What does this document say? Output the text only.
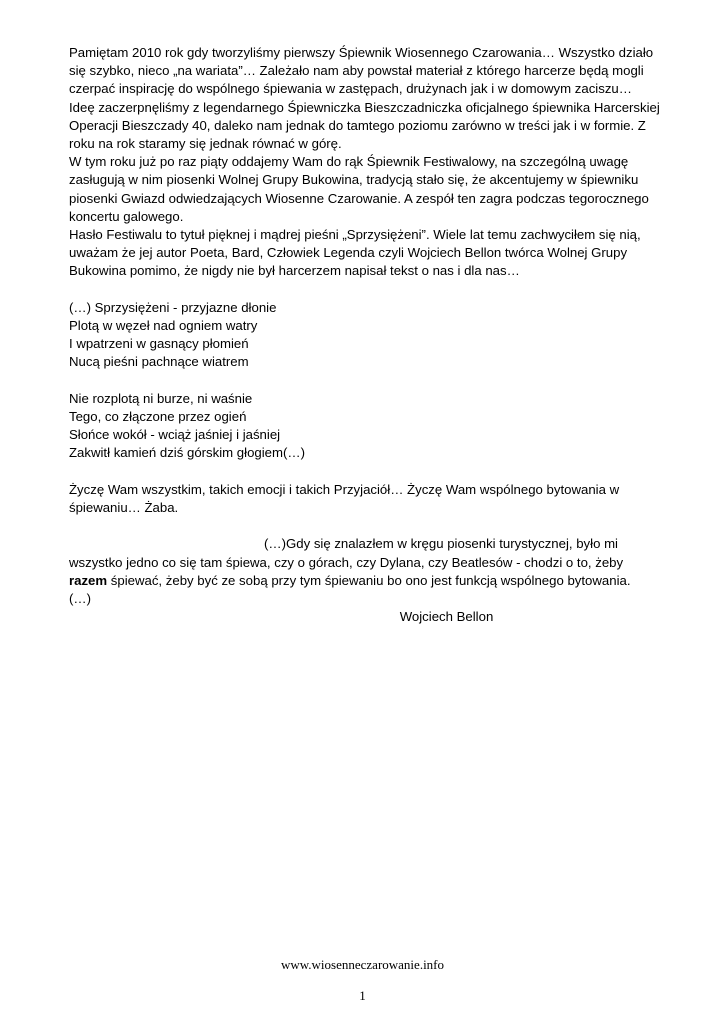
Pamiętam 2010 rok gdy tworzyliśmy pierwszy Śpiewnik Wiosennego Czarowania… Wszystko działo się szybko, nieco „na wariata”… Zależało nam aby powstał materiał z którego harcerze będą mogli czerpać inspirację do wspólnego śpiewania w zastępach, drużynach jak i w domowym zaciszu…

Ideę zaczerpnęliśmy z legendarnego Śpiewniczka Bieszczadniczka oficjalnego śpiewnika Harcerskiej Operacji Bieszczady 40, daleko nam jednak do tamtego poziomu zarówno w treści jak i w formie. Z roku na rok staramy się jednak równać w górę.

W tym roku już po raz piąty oddajemy Wam do rąk Śpiewnik Festiwalowy, na szczególną uwagę zasługują w nim piosenki Wolnej Grupy Bukowina, tradycją stało się, że akcentujemy w śpiewniku piosenki Gwiazd odwiedzających Wiosenne Czarowanie. A zespół ten zagra podczas tegorocznego koncertu galowego.

Hasło Festiwalu to tytuł pięknej i mądrej pieśni „Sprzysiężeni”. Wiele lat temu zachwyciłem się nią, uważam że jej autor Poeta, Bard, Człowiek Legenda czyli Wojciech Bellon twórca Wolnej Grupy Bukowina pomimo, że nigdy nie był harcerzem napisał tekst o nas i dla nas…

(…) Sprzysiężeni - przyjazne dłonie
Plotą w węzeł nad ogniem watry
I wpatrzeni w gasnący płomień
Nucą pieśni pachnące wiatrem
Nie rozplotą ni burze, ni waśnie
Tego, co złączone przez ogień
Słońce wokół - wciąż jaśniej i jaśniej
Zakwitł kamień dziś górskim głogiem(…)

Życzę Wam wszystkim, takich emocji i takich Przyjaciół… Życzę Wam wspólnego bytowania w śpiewaniu… Żaba.

(…)Gdy się znalazłem w kręgu piosenki turystycznej, było mi
wszystko jedno co się tam śpiewa, czy o górach, czy Dylana, czy Beatlesów - chodzi o to, żeby
razem śpiewać, żeby być ze sobą przy tym śpiewaniu bo ono jest funkcją wspólnego bytowania.
(…)
Wojciech Bellon
www.wiosenneczarowanie.info
1
